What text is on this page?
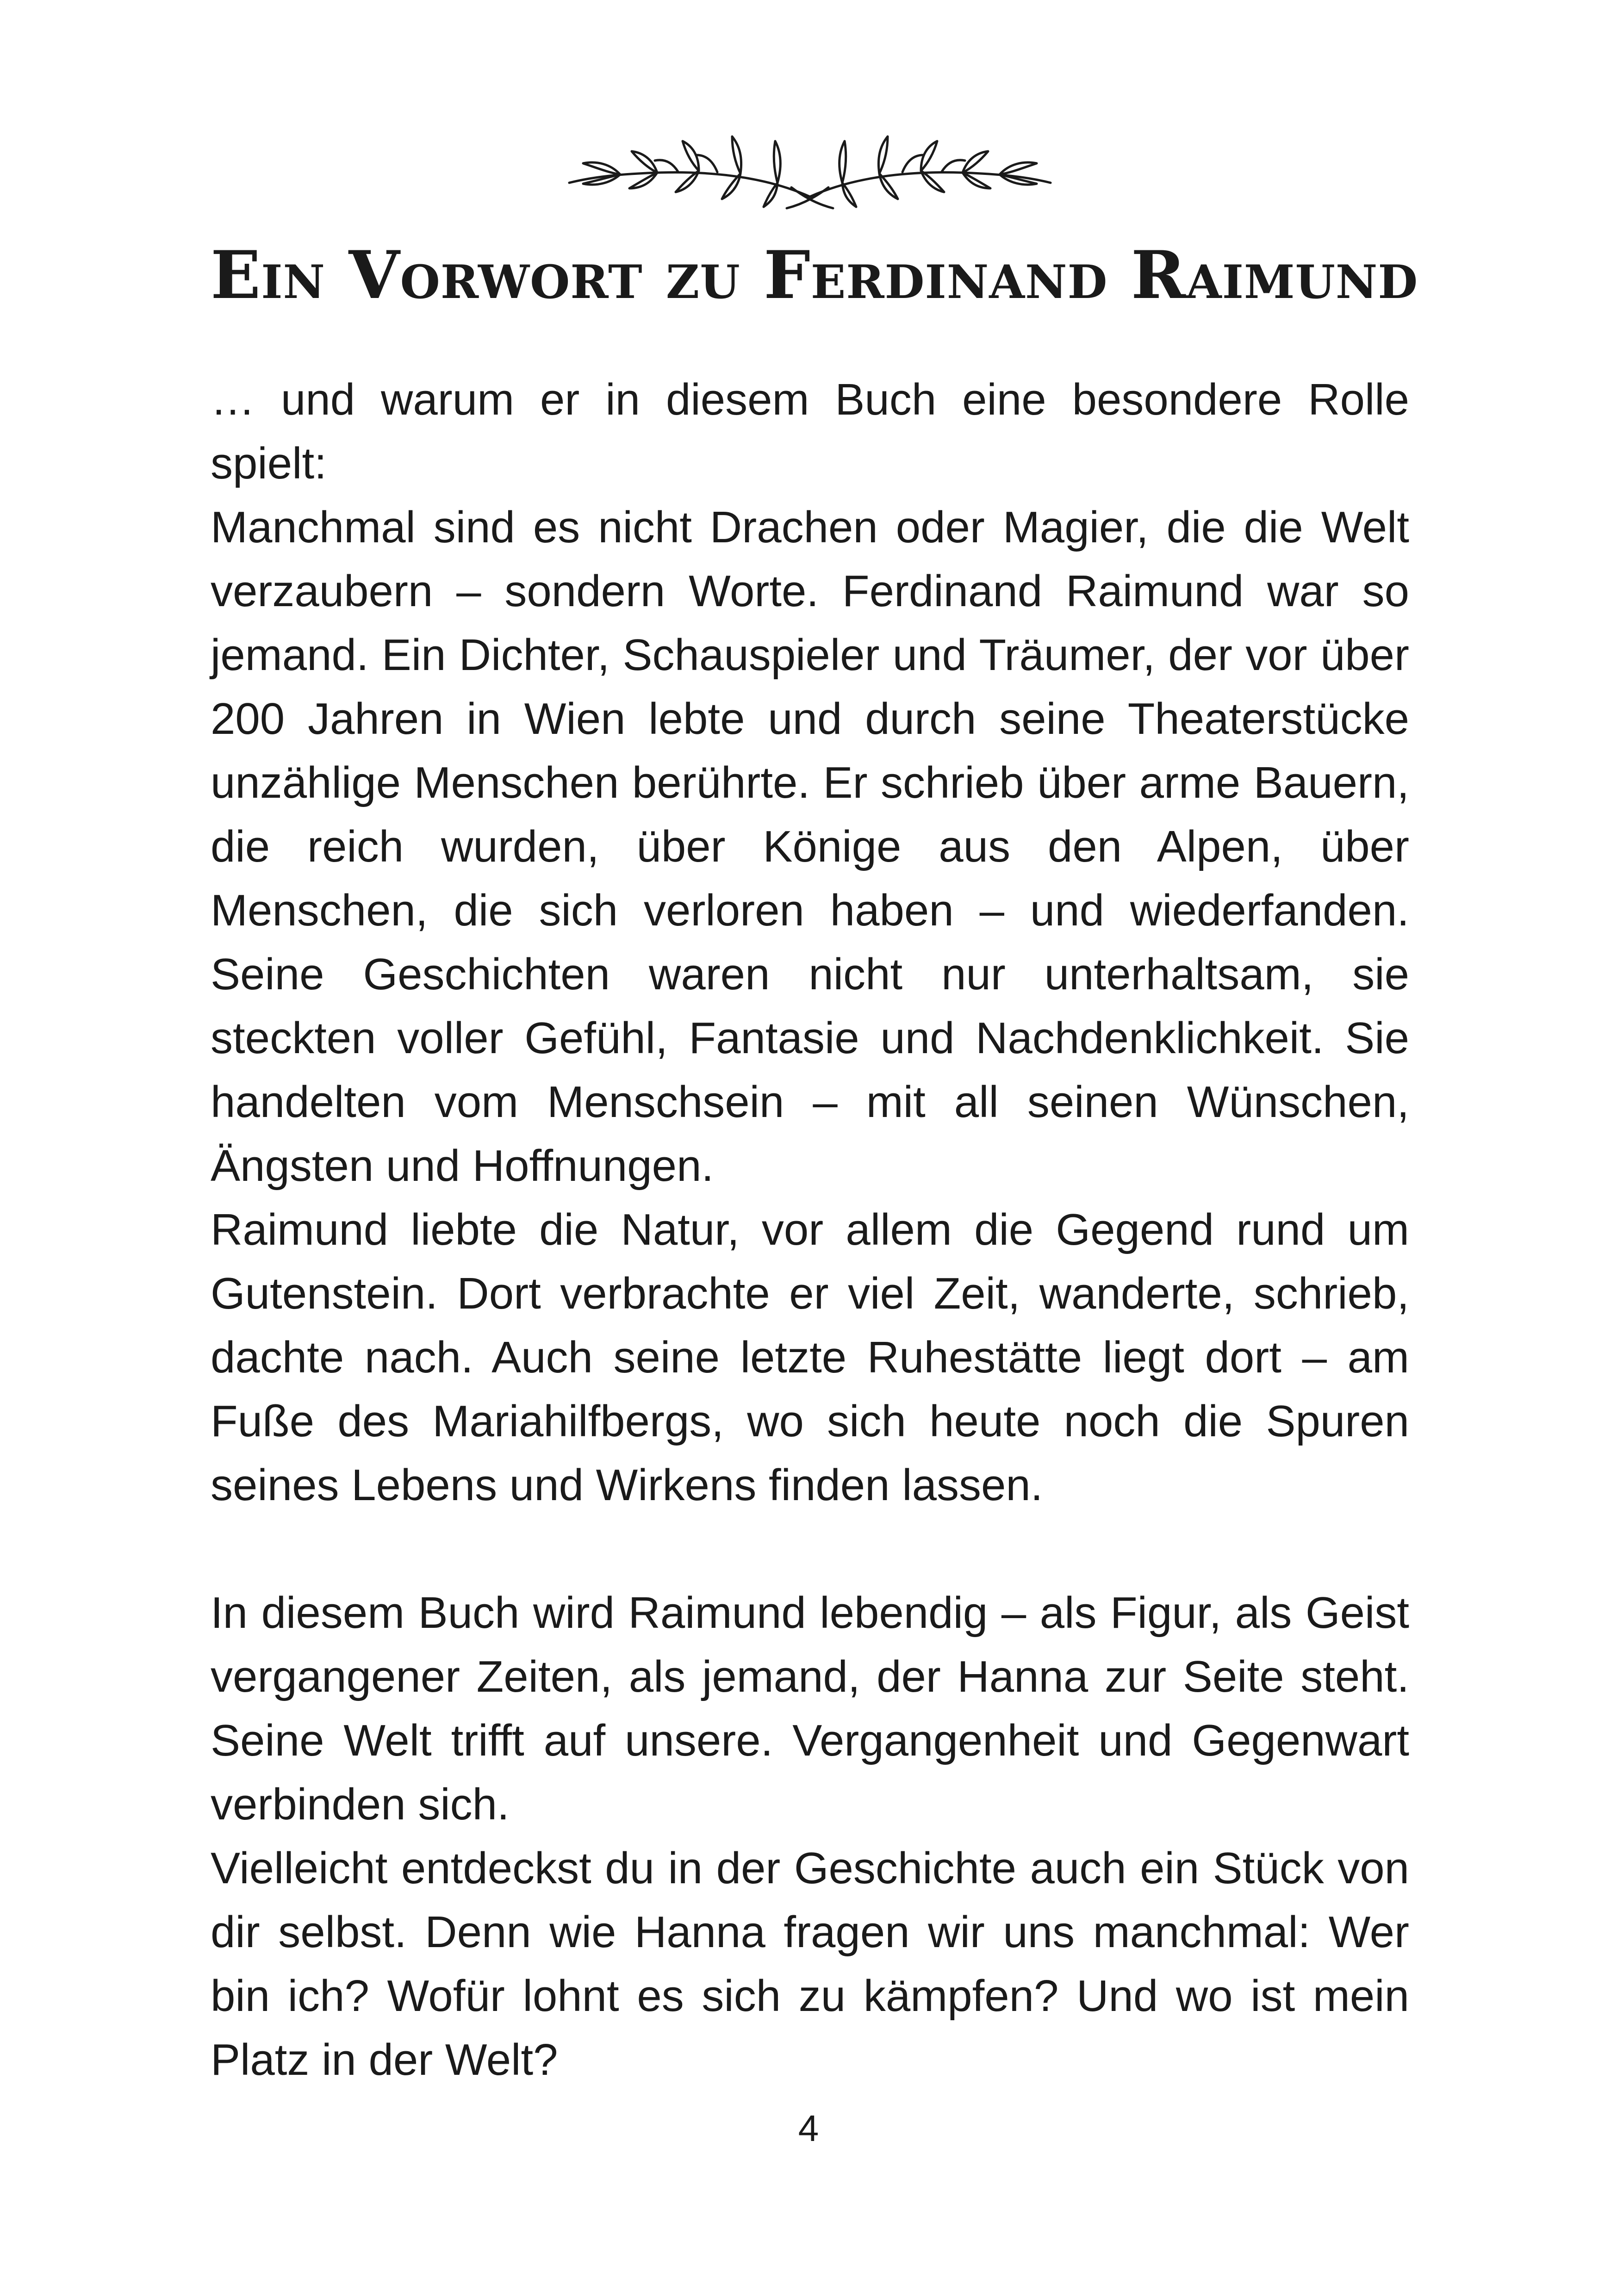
Ein Vorwort zu Ferdinand Raimund

… und warum er in diesem Buch eine besondere Rolle spielt:

Manchmal sind es nicht Drachen oder Magier, die die Welt verzaubern – sondern Worte. Ferdinand Raimund war so jemand. Ein Dichter, Schauspieler und Träumer, der vor über 200 Jahren in Wien lebte und durch seine Theaterstücke unzählige Menschen berührte. Er schrieb über arme Bauern, die reich wurden, über Könige aus den Alpen, über Menschen, die sich verloren haben – und wiederfanden. Seine Geschichten waren nicht nur unterhaltsam, sie steckten voller Gefühl, Fantasie und Nachdenklichkeit. Sie handelten vom Menschsein – mit all seinen Wünschen, Ängsten und Hoffnungen.

Raimund liebte die Natur, vor allem die Gegend rund um Gutenstein. Dort verbrachte er viel Zeit, wanderte, schrieb, dachte nach. Auch seine letzte Ruhestätte liegt dort – am Fuße des Mariahilfbergs, wo sich heute noch die Spuren seines Lebens und Wirkens finden lassen.

In diesem Buch wird Raimund lebendig – als Figur, als Geist vergangener Zeiten, als jemand, der Hanna zur Seite steht. Seine Welt trifft auf unsere. Vergangenheit und Gegenwart verbinden sich.

Vielleicht entdeckst du in der Geschichte auch ein Stück von dir selbst. Denn wie Hanna fragen wir uns manchmal: Wer bin ich? Wofür lohnt es sich zu kämpfen? Und wo ist mein Platz in der Welt?

4
